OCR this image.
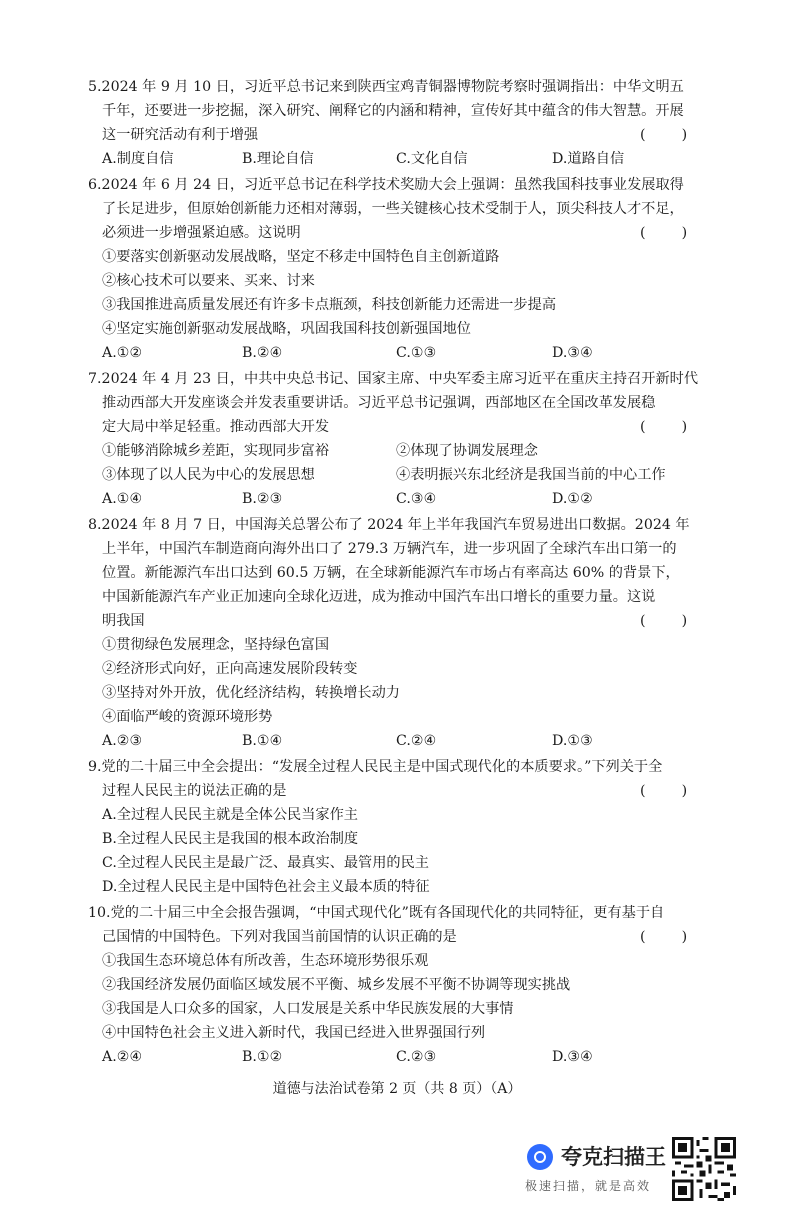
5.2024 年 9 月 10 日，习近平总书记来到陕西宝鸡青铜器博物院考察时强调指出：中华文明五
千年，还要进一步挖掘，深入研究、阐释它的内涵和精神，宣传好其中蕴含的伟大智慧。开展
这一研究活动有利于增强	(        )
A.制度自信	B.理论自信	C.文化自信	D.道路自信
6.2024 年 6 月 24 日，习近平总书记在科学技术奖励大会上强调：虽然我国科技事业发展取得
了长足进步，但原始创新能力还相对薄弱，一些关键核心技术受制于人，顶尖科技人才不足，
必须进一步增强紧迫感。这说明	(        )
①要落实创新驱动发展战略，坚定不移走中国特色自主创新道路
②核心技术可以要来、买来、讨来
③我国推进高质量发展还有许多卡点瓶颈，科技创新能力还需进一步提高
④坚定实施创新驱动发展战略，巩固我国科技创新强国地位
A.①②	B.②④	C.①③	D.③④
7.2024 年 4 月 23 日，中共中央总书记、国家主席、中央军委主席习近平在重庆主持召开新时代
推动西部大开发座谈会并发表重要讲话。习近平总书记强调，西部地区在全国改革发展稳
定大局中举足轻重。推动西部大开发	(        )
①能够消除城乡差距，实现同步富裕	②体现了协调发展理念
③体现了以人民为中心的发展思想	④表明振兴东北经济是我国当前的中心工作
A.①④	B.②③	C.③④	D.①②
8.2024 年 8 月 7 日，中国海关总署公布了 2024 年上半年我国汽车贸易进出口数据。2024 年
上半年，中国汽车制造商向海外出口了 279.3 万辆汽车，进一步巩固了全球汽车出口第一的
位置。新能源汽车出口达到 60.5 万辆，在全球新能源汽车市场占有率高达 60% 的背景下，
中国新能源汽车产业正加速向全球化迈进，成为推动中国汽车出口增长的重要力量。这说
明我国	(        )
①贯彻绿色发展理念，坚持绿色富国
②经济形式向好，正向高速发展阶段转变
③坚持对外开放，优化经济结构，转换增长动力
④面临严峻的资源环境形势
A.②③	B.①④	C.②④	D.①③
9.党的二十届三中全会提出：“发展全过程人民民主是中国式现代化的本质要求。”下列关于全
过程人民民主的说法正确的是	(        )
A.全过程人民民主就是全体公民当家作主
B.全过程人民民主是我国的根本政治制度
C.全过程人民民主是最广泛、最真实、最管用的民主
D.全过程人民民主是中国特色社会主义最本质的特征
10.党的二十届三中全会报告强调，“中国式现代化”既有各国现代化的共同特征，更有基于自
己国情的中国特色。下列对我国当前国情的认识正确的是	(        )
①我国生态环境总体有所改善，生态环境形势很乐观
②我国经济发展仍面临区域发展不平衡、城乡发展不平衡不协调等现实挑战
③我国是人口众多的国家，人口发展是关系中华民族发展的大事情
④中国特色社会主义进入新时代，我国已经进入世界强国行列
A.②④	B.①②	C.②③	D.③④
道德与法治试卷第 2 页（共 8 页）（A）
夸克扫描王
极速扫描，就是高效
